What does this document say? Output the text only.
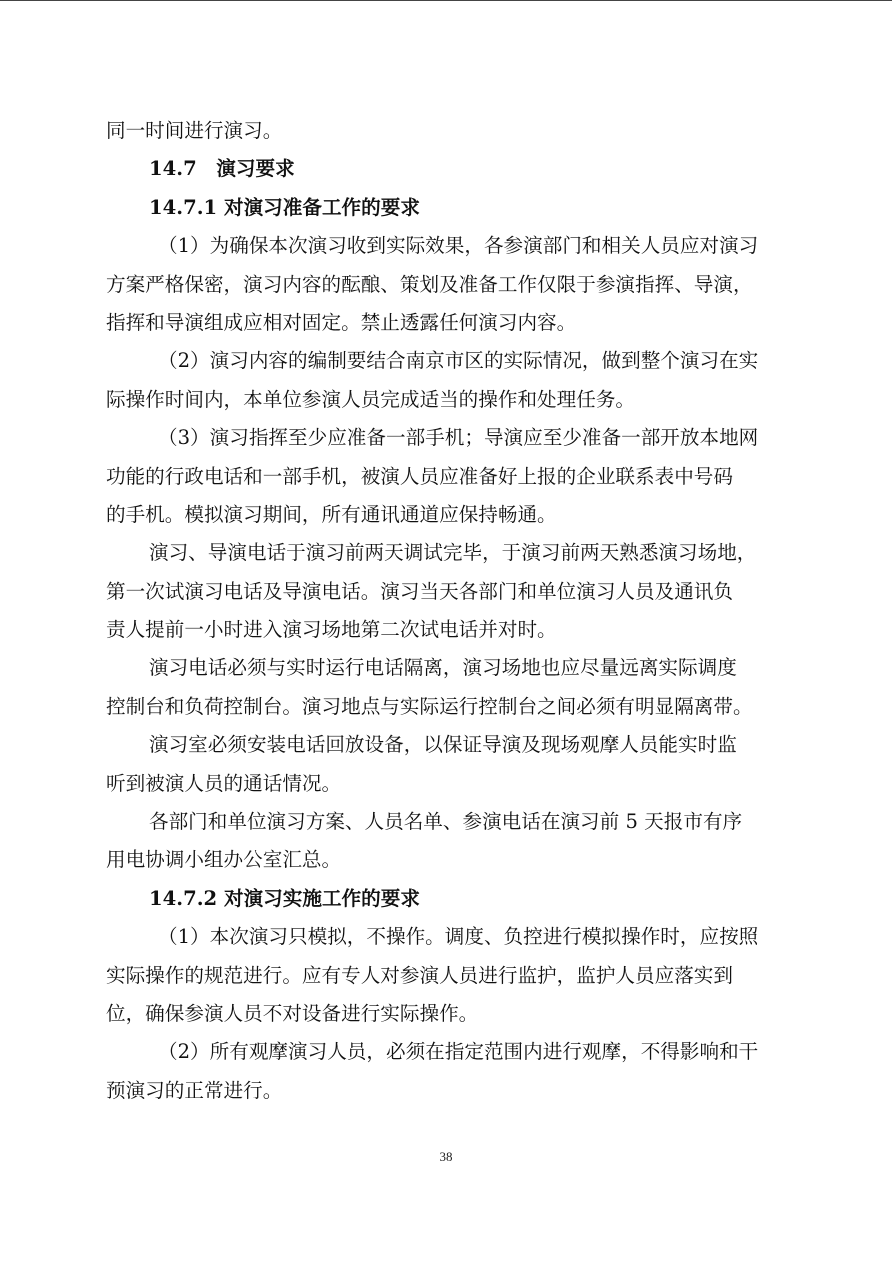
同一时间进行演习。
14.7　演习要求
14.7.1 对演习准备工作的要求
（1）为确保本次演习收到实际效果，各参演部门和相关人员应对演习
方案严格保密，演习内容的酝酿、策划及准备工作仅限于参演指挥、导演，
指挥和导演组成应相对固定。禁止透露任何演习内容。
（2）演习内容的编制要结合南京市区的实际情况，做到整个演习在实
际操作时间内，本单位参演人员完成适当的操作和处理任务。
（3）演习指挥至少应准备一部手机；导演应至少准备一部开放本地网
功能的行政电话和一部手机，被演人员应准备好上报的企业联系表中号码
的手机。模拟演习期间，所有通讯通道应保持畅通。
演习、导演电话于演习前两天调试完毕，于演习前两天熟悉演习场地，
第一次试演习电话及导演电话。演习当天各部门和单位演习人员及通讯负
责人提前一小时进入演习场地第二次试电话并对时。
演习电话必须与实时运行电话隔离，演习场地也应尽量远离实际调度
控制台和负荷控制台。演习地点与实际运行控制台之间必须有明显隔离带。
演习室必须安装电话回放设备，以保证导演及现场观摩人员能实时监
听到被演人员的通话情况。
各部门和单位演习方案、人员名单、参演电话在演习前 5 天报市有序
用电协调小组办公室汇总。
14.7.2 对演习实施工作的要求
（1）本次演习只模拟，不操作。调度、负控进行模拟操作时，应按照
实际操作的规范进行。应有专人对参演人员进行监护，监护人员应落实到
位，确保参演人员不对设备进行实际操作。
（2）所有观摩演习人员，必须在指定范围内进行观摩，不得影响和干
预演习的正常进行。
38
